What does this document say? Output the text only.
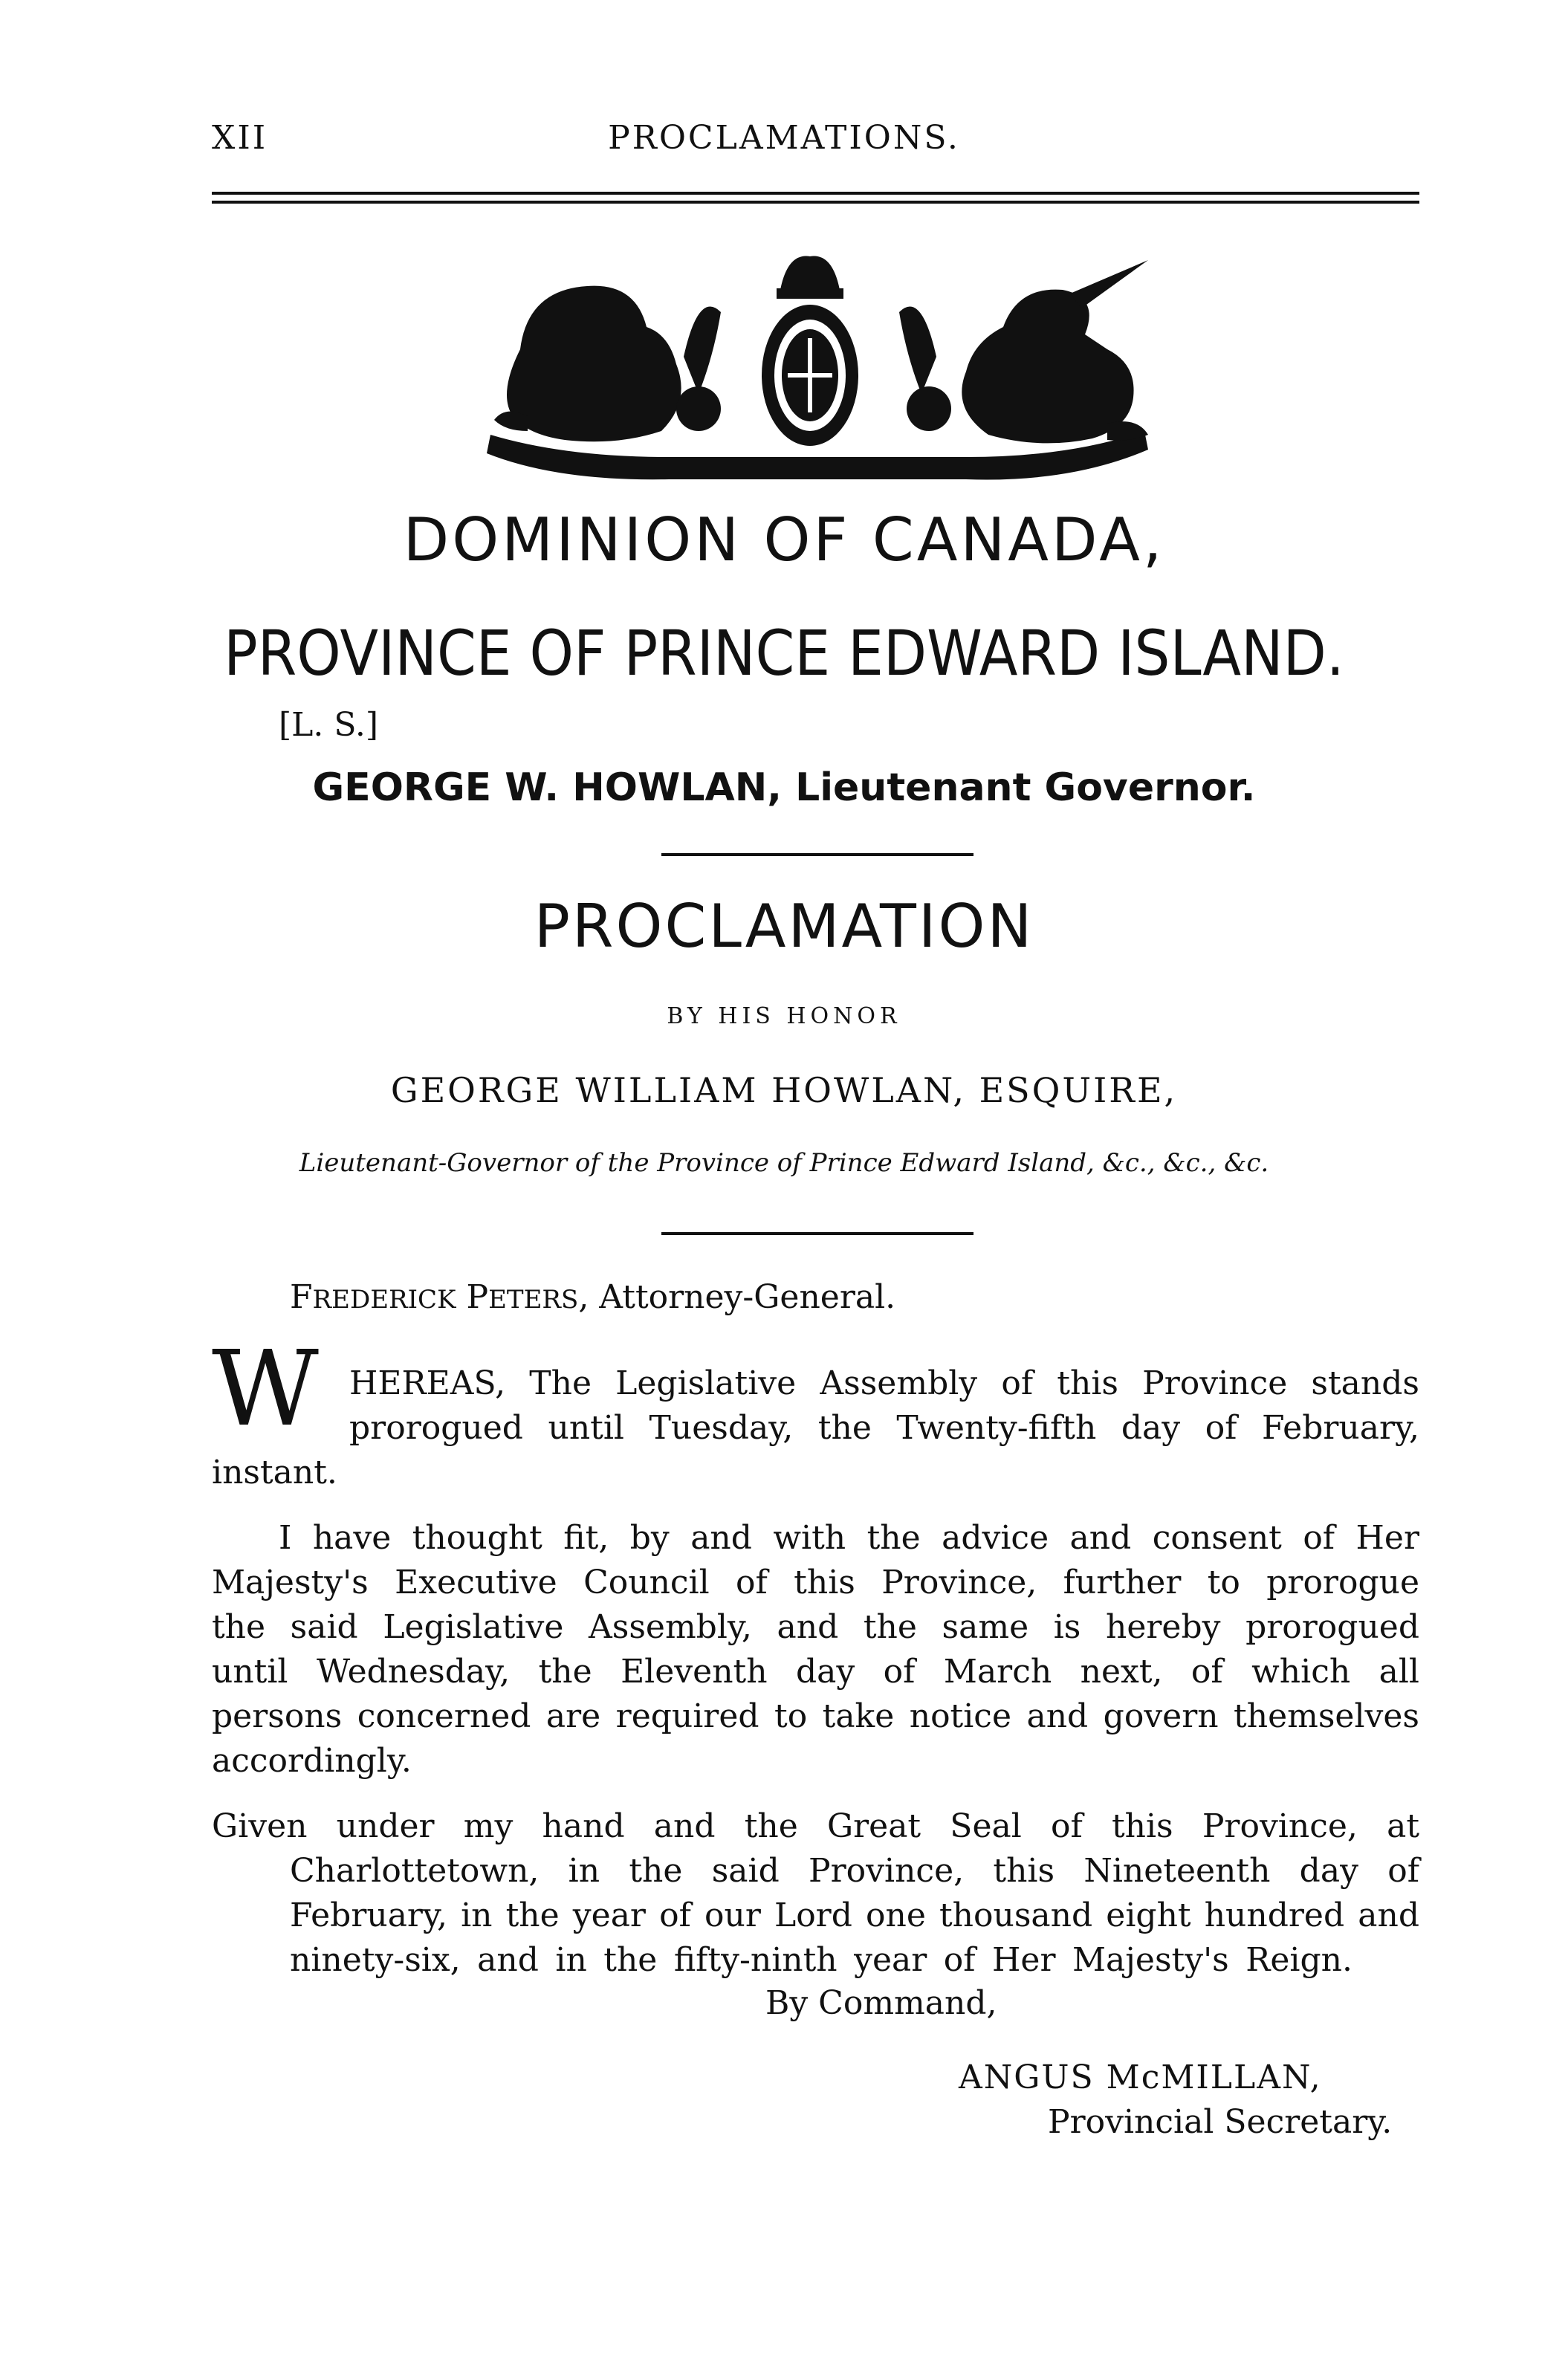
XII	PROCLAMATIONS.
DOMINION OF CANADA,
PROVINCE OF PRINCE EDWARD ISLAND.
[L. S.]
GEORGE W. HOWLAN, Lieutenant Governor.
PROCLAMATION
BY HIS HONOR
GEORGE WILLIAM HOWLAN, ESQUIRE,
Lieutenant-Governor of the Province of Prince Edward Island, &c., &c., &c.
FREDERICK PETERS, Attorney-General.
W HEREAS, The Legislative Assembly of this Province stands
prorogued until Tuesday, the Twenty-fifth day of February,
instant.
I have thought fit, by and with the advice and consent of Her
Majesty's Executive Council of this Province, further to prorogue
the said Legislative Assembly, and the same is hereby prorogued
until Wednesday, the Eleventh day of March next, of which all
persons concerned are required to take notice and govern themselves
accordingly.
Given under my hand and the Great Seal of this Province, at
Charlottetown, in the said Province, this Nineteenth day of
February, in the year of our Lord one thousand eight hundred and
ninety-six, and in the fifty-ninth year of Her Majesty's Reign.
By Command,
ANGUS McMILLAN,
Provincial Secretary.
